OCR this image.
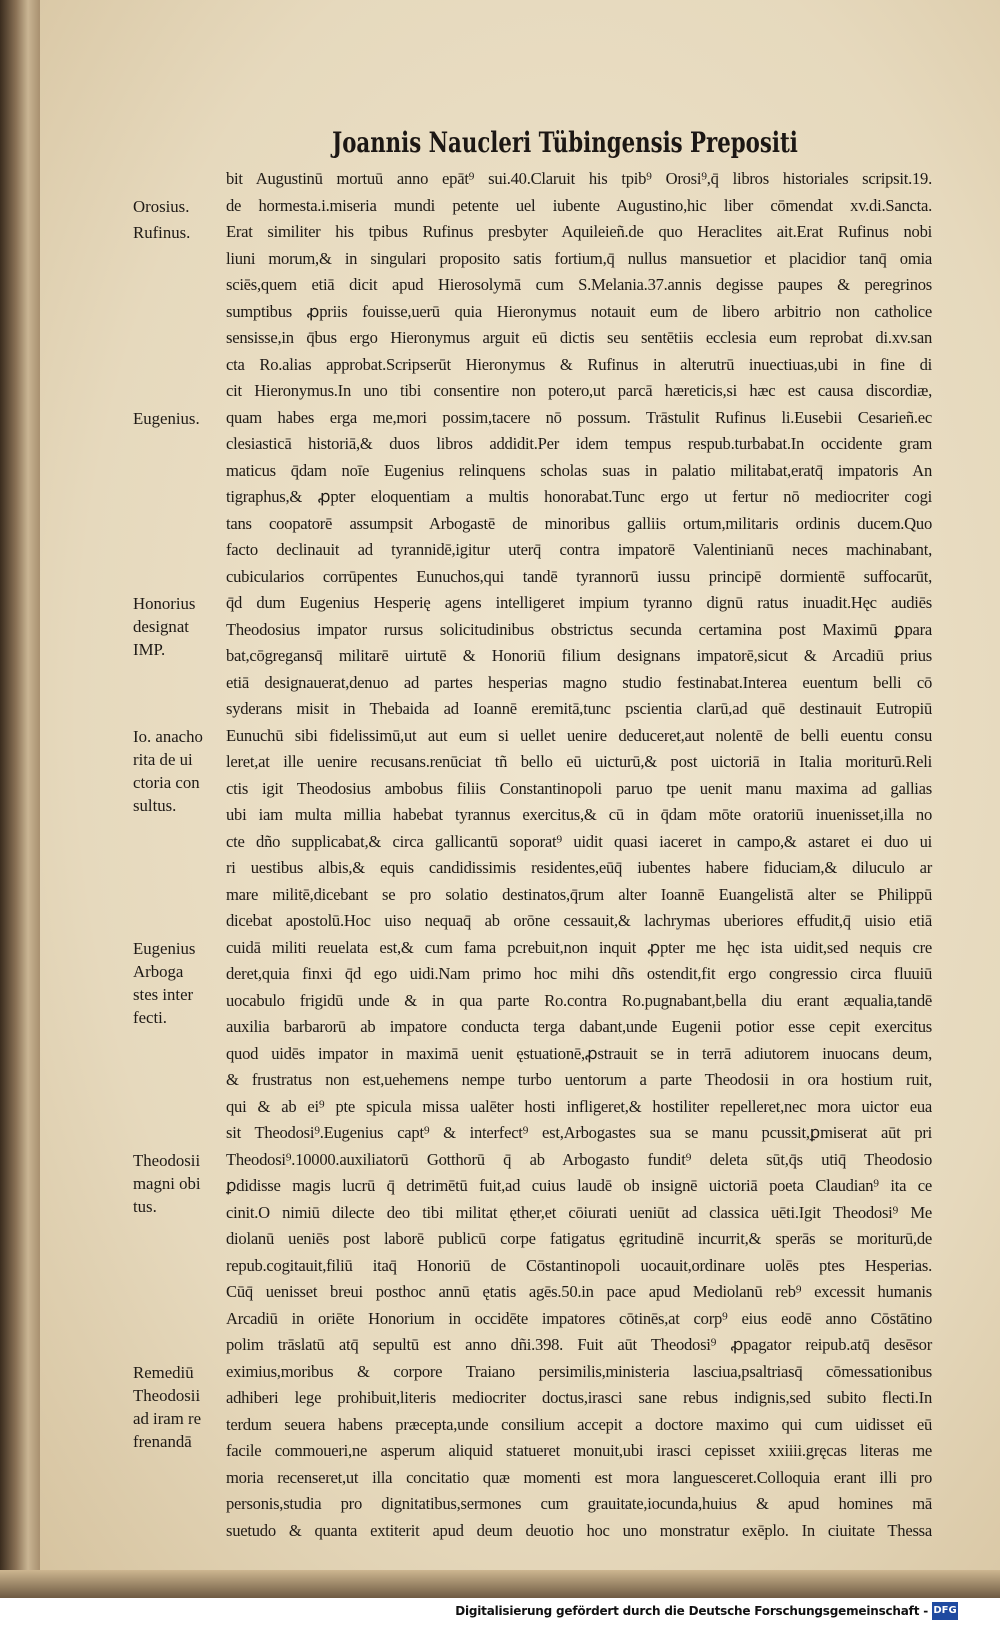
Joannis Naucleri Tübingensis Prepositi
bit Augustinū mortuū anno epāt⁹ sui.40.Claruit his tpib⁹ Orosi⁹,q̄ libros historiales scripsit.19.
de hormesta.i.miseria mundi petente uel iubente Augustino,hic liber cōmendat xv.di.Sancta.
Erat similiter his tpibus Rufinus presbyter Aquileieñ.de quo Heraclites ait.Erat Rufinus nobi
liuni morum,& in singulari proposito satis fortium,q̄ nullus mansuetior et placidior tanq̄ omia
sciēs,quem etiā dicit apud Hierosolymā cum S.Melania.37.annis degisse paupes & peregrinos
sumptibus ꝓpriis fouisse,uerū quia Hieronymus notauit eum de libero arbitrio non catholice
sensisse,in q̄bus ergo Hieronymus arguit eū dictis seu sentētiis ecclesia eum reprobat di.xv.san
cta Ro.alias approbat.Scripserūt Hieronymus & Rufinus in alterutrū inuectiuas,ubi in fine di
cit Hieronymus.In uno tibi consentire non potero,ut parcā hæreticis,si hæc est causa discordiæ,
quam habes erga me,mori possim,tacere nō possum. Trāstulit Rufinus li.Eusebii Cesarieñ.ec
clesiasticā historiā,& duos libros addidit.Per idem tempus respub.turbabat.In occidente gram
maticus q̄dam noīe Eugenius relinquens scholas suas in palatio militabat,eratq̄ impatoris An
tigraphus,& ꝓpter eloquentiam a multis honorabat.Tunc ergo ut fertur nō mediocriter cogi
tans coopatorē assumpsit Arbogastē de minoribus galliis ortum,militaris ordinis ducem.Quo
facto declinauit ad tyrannidē,igitur uterq̄ contra impatorē Valentinianū neces machinabant,
cubicularios corrūpentes Eunuchos,qui tandē tyrannorū iussu principē dormientē suffocarūt,
q̄d dum Eugenius Hesperię agens intelligeret impium tyranno dignū ratus inuadit.Hęc audiēs
Theodosius impator rursus solicitudinibus obstrictus secunda certamina post Maximū ꝑpara
bat,cōgregansq̄ militarē uirtutē & Honoriū filium designans impatorē,sicut & Arcadiū prius
etiā designauerat,denuo ad partes hesperias magno studio festinabat.Interea euentum belli cō
syderans misit in Thebaida ad Ioannē eremitā,tunc pscientia clarū,ad quē destinauit Eutropiū
Eunuchū sibi fidelissimū,ut aut eum si uellet uenire deduceret,aut nolentē de belli euentu consu
leret,at ille uenire recusans.renūciat tñ bello eū uicturū,& post uictoriā in Italia moriturū.Reli
ctis igit Theodosius ambobus filiis Constantinopoli paruo tpe uenit manu maxima ad gallias
ubi iam multa millia habebat tyrannus exercitus,& cū in q̄dam mōte oratoriū inuenisset,illa no
cte dño supplicabat,& circa gallicantū soporat⁹ uidit quasi iaceret in campo,& astaret ei duo ui
ri uestibus albis,& equis candidissimis residentes,eūq̄ iubentes habere fiduciam,& diluculo ar
mare militē,dicebant se pro solatio destinatos,q̄rum alter Ioannē Euangelistā alter se Philippū
dicebat apostolū.Hoc uiso nequaq̄ ab orōne cessauit,& lachrymas uberiores effudit,q̄ uisio etiā
cuidā militi reuelata est,& cum fama pcrebuit,non inquit ꝓpter me hęc ista uidit,sed nequis cre
deret,quia finxi q̄d ego uidi.Nam primo hoc mihi dñs ostendit,fit ergo congressio circa fluuiū
uocabulo frigidū unde & in qua parte Ro.contra Ro.pugnabant,bella diu erant æqualia,tandē
auxilia barbarorū ab impatore conducta terga dabant,unde Eugenii potior esse cepit exercitus
quod uidēs impator in maximā uenit ęstuationē,ꝓstrauit se in terrā adiutorem inuocans deum,
& frustratus non est,uehemens nempe turbo uentorum a parte Theodosii in ora hostium ruit,
qui & ab ei⁹ pte spicula missa ualēter hosti infligeret,& hostiliter repelleret,nec mora uictor eua
sit Theodosi⁹.Eugenius capt⁹ & interfect⁹ est,Arbogastes sua se manu pcussit,ꝑmiserat aūt pri
Theodosi⁹.10000.auxiliatorū Gotthorū q̄ ab Arbogasto fundit⁹ deleta sūt,q̄s utiq̄ Theodosio
ꝑdidisse magis lucrū q̄ detrimētū fuit,ad cuius laudē ob insignē uictoriā poeta Claudian⁹ ita ce
cinit.O nimiū dilecte deo tibi militat ęther,et cōiurati ueniūt ad classica uēti.Igit Theodosi⁹ Me
diolanū ueniēs post laborē publicū corpe fatigatus ęgritudinē incurrit,& sperās se moriturū,de
repub.cogitauit,filiū itaq̄ Honoriū de Cōstantinopoli uocauit,ordinare uolēs ptes Hesperias.
Cūq̄ uenisset breui posthoc annū ętatis agēs.50.in pace apud Mediolanū reb⁹ excessit humanis
Arcadiū in oriēte Honorium in occidēte impatores cōtinēs,at corp⁹ eius eodē anno Cōstātino
polim trāslatū atq̄ sepultū est anno dñi.398. Fuit aūt Theodosi⁹ ꝓpagator reipub.atq̄ desēsor
eximius,moribus & corpore Traiano persimilis,ministeria lasciua,psaltriasq̄ cōmessationibus
adhiberi lege prohibuit,literis mediocriter doctus,irasci sane rebus indignis,sed subito flecti.In
terdum seuera habens præcepta,unde consilium accepit a doctore maximo qui cum uidisset eū
facile commoueri,ne asperum aliquid statueret monuit,ubi irasci cepisset xxiiii.gręcas literas me
moria recenseret,ut illa concitatio quæ momenti est mora languesceret.Colloquia erant illi pro
personis,studia pro dignitatibus,sermones cum grauitate,iocunda,huius & apud homines mā
suetudo & quanta extiterit apud deum deuotio hoc uno monstratur exēplo. In ciuitate Thessa
Orosius.
Rufinus.
Eugenius.
Honorius
designat
IMP.
Io. anacho
rita de ui
ctoria con
sultus.
Eugenius
Arboga
stes inter
fecti.
Theodosii
magni obi
tus.
Remediū
Theodosii
ad iram re
frenandā
Digitalisierung gefördert durch die Deutsche Forschungsgemeinschaft - DFG
